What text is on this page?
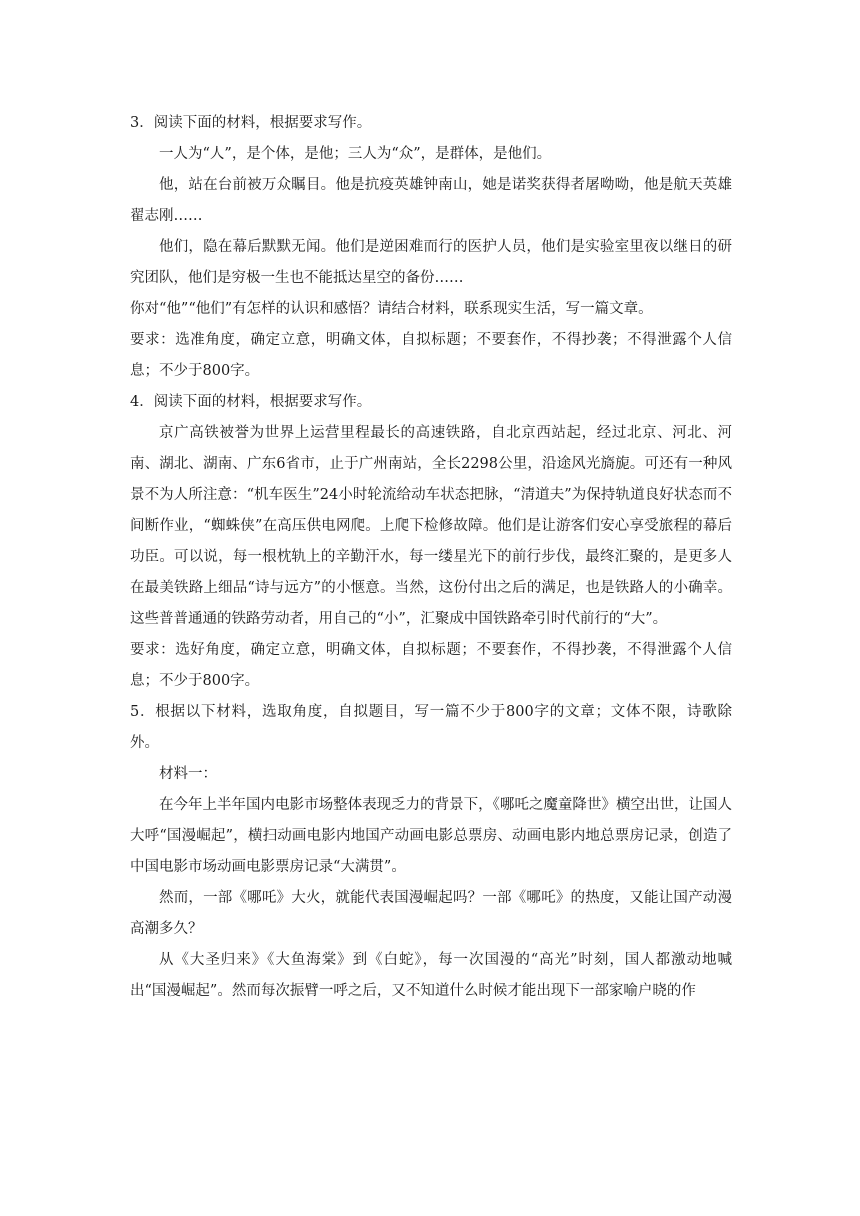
3．阅读下面的材料，根据要求写作。

一人为“人”，是个体，是他；三人为“众”，是群体，是他们。

他，站在台前被万众瞩目。他是抗疫英雄钟南山，她是诺奖获得者屠呦呦，他是航天英雄翟志刚……

他们，隐在幕后默默无闻。他们是逆困难而行的医护人员，他们是实验室里夜以继日的研究团队，他们是穷极一生也不能抵达星空的备份……

你对“他”“他们”有怎样的认识和感悟？请结合材料，联系现实生活，写一篇文章。

要求：选准角度，确定立意，明确文体，自拟标题；不要套作，不得抄袭；不得泄露个人信息；不少于800字。

4．阅读下面的材料，根据要求写作。

京广高铁被誉为世界上运营里程最长的高速铁路，自北京西站起，经过北京、河北、河南、湖北、湖南、广东6省市，止于广州南站，全长2298公里，沿途风光旖旎。可还有一种风景不为人所注意：“机车医生”24小时轮流给动车状态把脉，“清道夫”为保持轨道良好状态而不间断作业，“蜘蛛侠”在高压供电网爬。上爬下检修故障。他们是让游客们安心享受旅程的幕后功臣。可以说，每一根枕轨上的辛勤汗水，每一缕星光下的前行步伐，最终汇聚的，是更多人在最美铁路上细品“诗与远方”的小惬意。当然，这份付出之后的满足，也是铁路人的小确幸。这些普普通通的铁路劳动者，用自己的“小”，汇聚成中国铁路牵引时代前行的“大”。

要求：选好角度，确定立意，明确文体，自拟标题；不要套作，不得抄袭，不得泄露个人信息；不少于800字。

5．根据以下材料，选取角度，自拟题目，写一篇不少于800字的文章；文体不限，诗歌除外。

材料一：

在今年上半年国内电影市场整体表现乏力的背景下，《哪吒之魔童降世》横空出世，让国人大呼“国漫崛起”，横扫动画电影内地国产动画电影总票房、动画电影内地总票房记录，创造了中国电影市场动画电影票房记录“大满贯”。

然而，一部《哪吒》大火，就能代表国漫崛起吗？一部《哪吒》的热度，又能让国产动漫高潮多久？

从《大圣归来》《大鱼海棠》到《白蛇》，每一次国漫的“高光”时刻，国人都激动地喊出“国漫崛起”。然而每次振臂一呼之后，又不知道什么时候才能出现下一部家喻户晓的作
